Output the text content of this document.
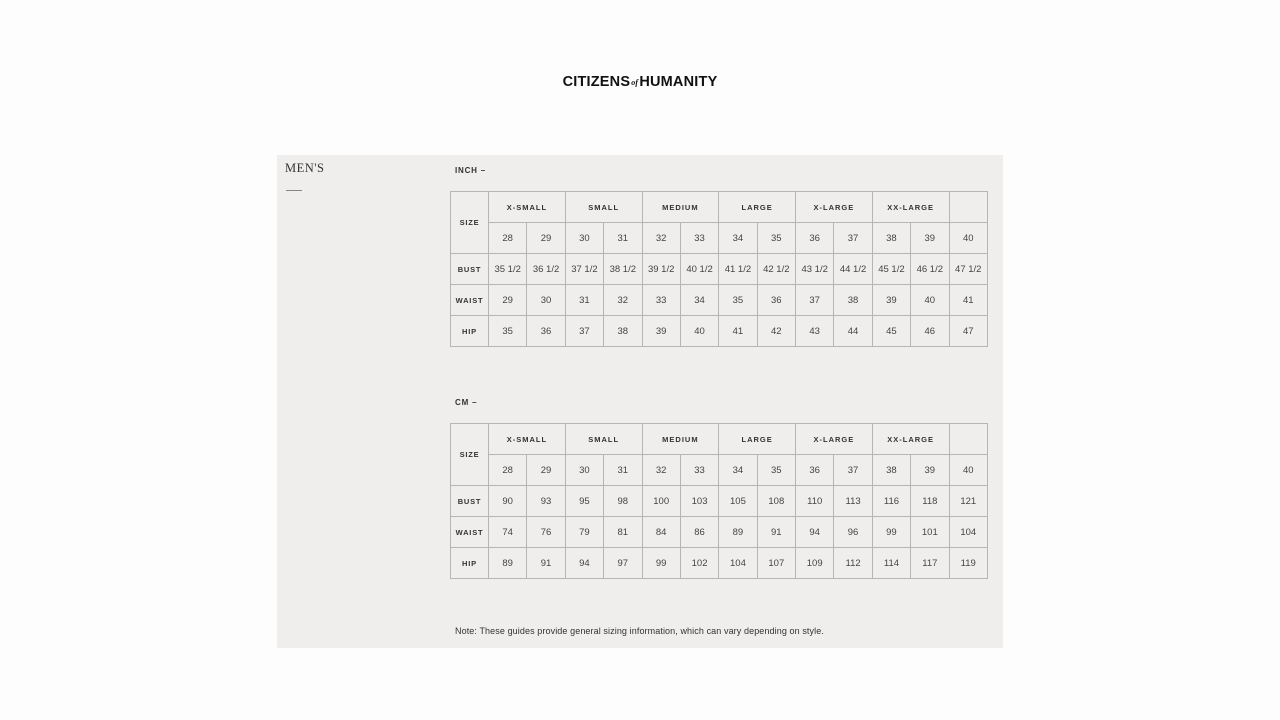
CITIZENSofHUMANITY
MEN'S	INCH –
SIZE	X-SMALL		SMALL		MEDIUM		LARGE		X-LARGE		XX-LARGE		
	28	29	30	31	32	33	34	35	36	37	38	39	40
BUST	35 1/2	36 1/2	37 1/2	38 1/2	39 1/2	40 1/2	41 1/2	42 1/2	43 1/2	44 1/2	45 1/2	46 1/2	47 1/2
WAIST	29	30	31	32	33	34	35	36	37	38	39	40	41
HIP	35	36	37	38	39	40	41	42	43	44	45	46	47
CM –
SIZE	X-SMALL		SMALL		MEDIUM		LARGE		X-LARGE		XX-LARGE		
	28	29	30	31	32	33	34	35	36	37	38	39	40
BUST	90	93	95	98	100	103	105	108	110	113	116	118	121
WAIST	74	76	79	81	84	86	89	91	94	96	99	101	104
HIP	89	91	94	97	99	102	104	107	109	112	114	117	119
Note: These guides provide general sizing information, which can vary depending on style.
